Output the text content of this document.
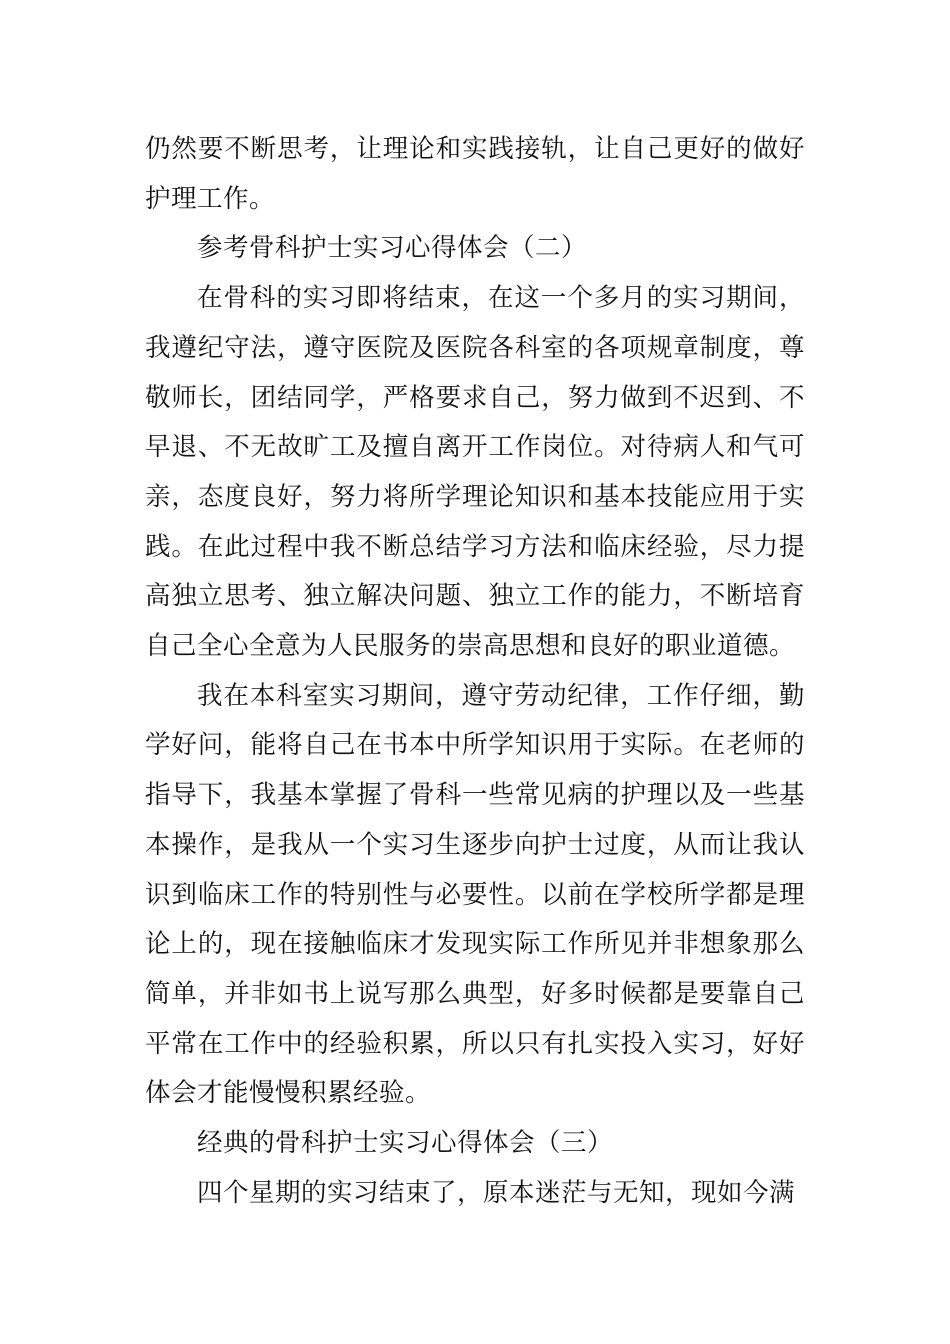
仍然要不断思考，让理论和实践接轨，让自己更好的做好护理工作。

参考骨科护士实习心得体会（二）

在骨科的实习即将结束，在这一个多月的实习期间，我遵纪守法，遵守医院及医院各科室的各项规章制度，尊敬师长，团结同学，严格要求自己，努力做到不迟到、不早退、不无故旷工及擅自离开工作岗位。对待病人和气可亲，态度良好，努力将所学理论知识和基本技能应用于实践。在此过程中我不断总结学习方法和临床经验，尽力提高独立思考、独立解决问题、独立工作的能力，不断培育自己全心全意为人民服务的崇高思想和良好的职业道德。

我在本科室实习期间，遵守劳动纪律，工作仔细，勤学好问，能将自己在书本中所学知识用于实际。在老师的指导下，我基本掌握了骨科一些常见病的护理以及一些基本操作，是我从一个实习生逐步向护士过度，从而让我认识到临床工作的特别性与必要性。以前在学校所学都是理论上的，现在接触临床才发现实际工作所见并非想象那么简单，并非如书上说写那么典型，好多时候都是要靠自己平常在工作中的经验积累，所以只有扎实投入实习，好好体会才能慢慢积累经验。

经典的骨科护士实习心得体会（三）

四个星期的实习结束了，原本迷茫与无知，现如今满
